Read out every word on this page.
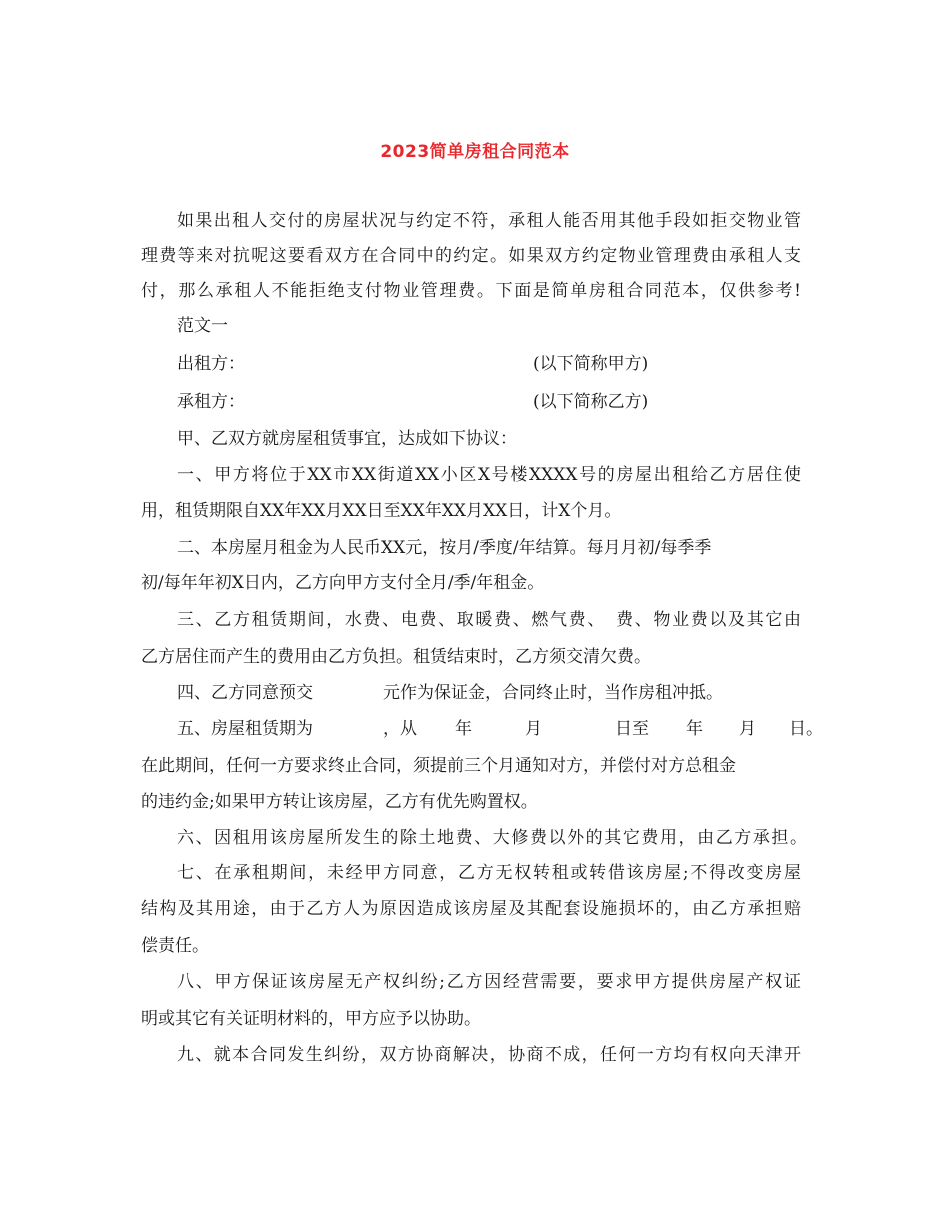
2023简单房租合同范本
如果出租人交付的房屋状况与约定不符，承租人能否用其他手段如拒交物业管
理费等来对抗呢这要看双方在合同中的约定。如果双方约定物业管理费由承租人支
付，那么承租人不能拒绝支付物业管理费。下面是简单房租合同范本，仅供参考!
范文一
出租方：	(以下简称甲方)
承租方：	(以下简称乙方)
甲、乙双方就房屋租赁事宜，达成如下协议：
一、甲方将位于XX市XX街道XX小区X号楼XXXX号的房屋出租给乙方居住使
用，租赁期限自XX年XX月XX日至XX年XX月XX日，计X个月。
二、本房屋月租金为人民币XX元，按月/季度/年结算。每月月初/每季季
初/每年年初X日内，乙方向甲方支付全月/季/年租金。
三、乙方租赁期间，水费、电费、取暖费、燃气费、　费、物业费以及其它由
乙方居住而产生的费用由乙方负担。租赁结束时，乙方须交清欠费。
四、乙方同意预交	元作为保证金，合同终止时，当作房租冲抵。
五、房屋租赁期为	，从 年	月	日至 年 月 日。
在此期间，任何一方要求终止合同，须提前三个月通知对方，并偿付对方总租金
的违约金;如果甲方转让该房屋，乙方有优先购置权。
六、因租用该房屋所发生的除土地费、大修费以外的其它费用，由乙方承担。
七、在承租期间，未经甲方同意，乙方无权转租或转借该房屋;不得改变房屋
结构及其用途，由于乙方人为原因造成该房屋及其配套设施损坏的，由乙方承担赔
偿责任。
八、甲方保证该房屋无产权纠纷;乙方因经营需要，要求甲方提供房屋产权证
明或其它有关证明材料的，甲方应予以协助。
九、就本合同发生纠纷，双方协商解决，协商不成，任何一方均有权向天津开
